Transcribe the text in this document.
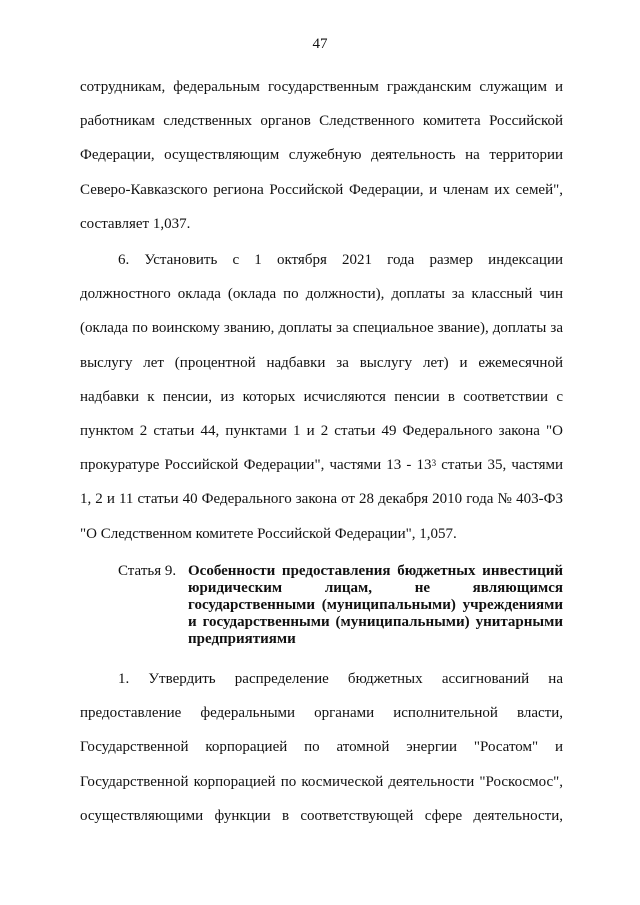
47
сотрудникам, федеральным государственным гражданским служащим и
работникам следственных органов Следственного комитета Российской
Федерации, осуществляющим служебную деятельность на территории
Северо-Кавказского региона Российской Федерации, и членам их семей",
составляет 1,037.
6. Установить с 1 октября 2021 года размер индексации
должностного оклада (оклада по должности), доплаты за классный чин
(оклада по воинскому званию, доплаты за специальное звание), доплаты за
выслугу лет (процентной надбавки за выслугу лет) и ежемесячной
надбавки к пенсии, из которых исчисляются пенсии в соответствии с
пунктом 2 статьи 44, пунктами 1 и 2 статьи 49 Федерального закона "О
прокуратуре Российской Федерации", частями $13 - 13^3$ статьи 35, частями
1, 2 и 11 статьи 40 Федерального закона от 28 декабря 2010 года № 403-ФЗ
"О Следственном комитете Российской Федерации", 1,057.
Статья 9. Особенности предоставления бюджетных инвестиций
юридическим лицам, не являющимся
государственными (муниципальными) учреждениями
и государственными (муниципальными) унитарными
предприятиями
1. Утвердить распределение бюджетных ассигнований на
предоставление федеральными органами исполнительной власти,
Государственной корпорацией по атомной энергии "Росатом" и
Государственной корпорацией по космической деятельности "Роскосмос",
осуществляющими функции в соответствующей сфере деятельности,
